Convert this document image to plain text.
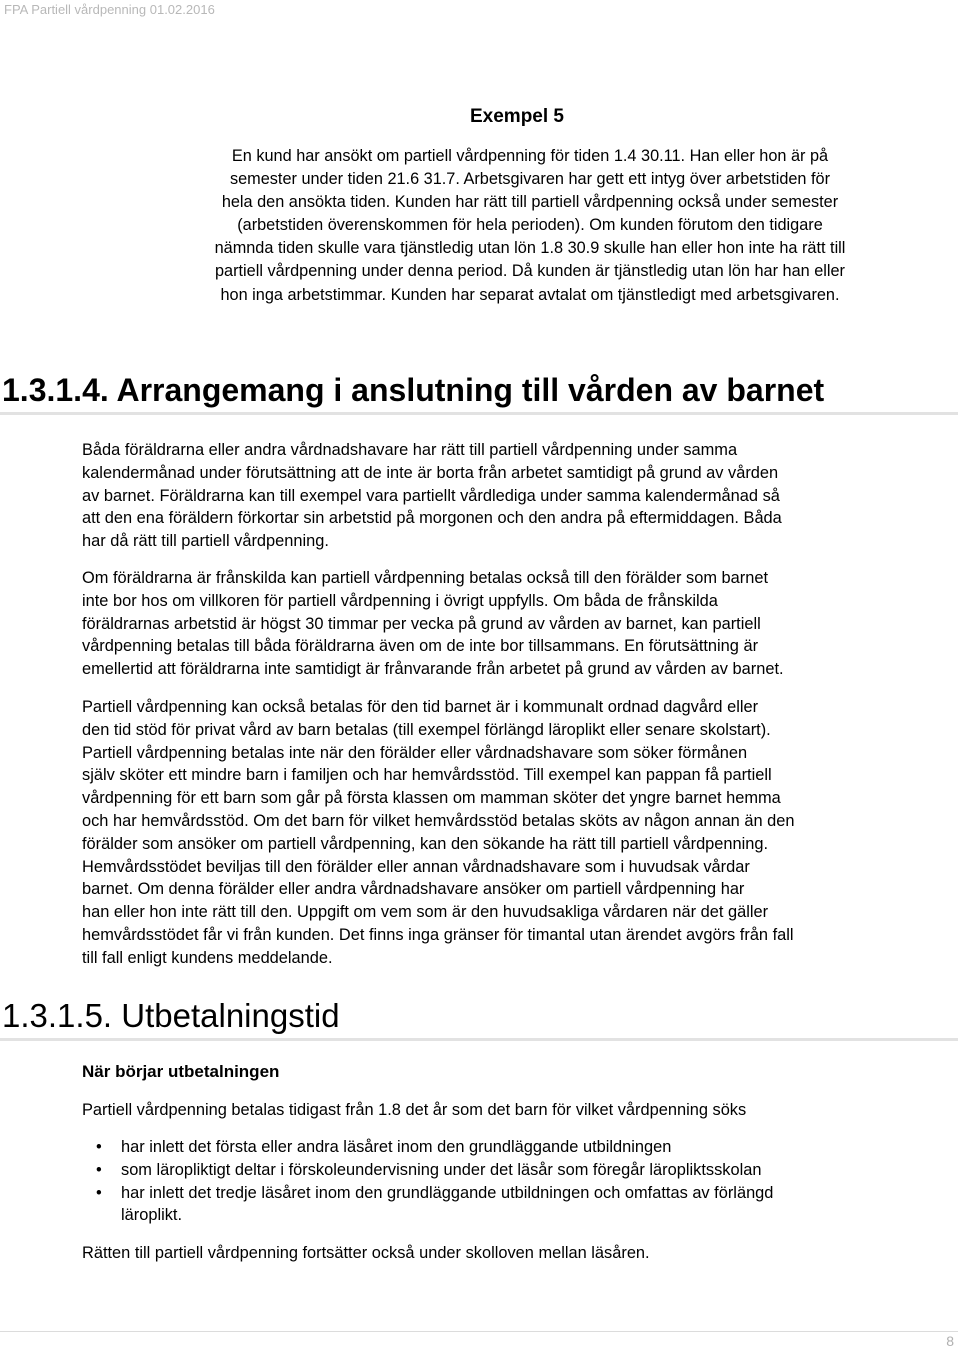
FPA Partiell vårdpenning 01.02.2016
Exempel 5
En kund har ansökt om partiell vårdpenning för tiden 1.4 30.11. Han eller hon är på
semester under tiden 21.6 31.7. Arbetsgivaren har gett ett intyg över arbetstiden för
hela den ansökta tiden. Kunden har rätt till partiell vårdpenning också under semester
(arbetstiden överenskommen för hela perioden). Om kunden förutom den tidigare
nämnda tiden skulle vara tjänstledig utan lön 1.8 30.9 skulle han eller hon inte ha rätt till
partiell vårdpenning under denna period. Då kunden är tjänstledig utan lön har han eller
hon inga arbetstimmar. Kunden har separat avtalat om tjänstledigt med arbetsgivaren.
1.3.1.4. Arrangemang i anslutning till vården av barnet
Båda föräldrarna eller andra vårdnadshavare har rätt till partiell vårdpenning under samma
kalendermånad under förutsättning att de inte är borta från arbetet samtidigt på grund av vården
av barnet. Föräldrarna kan till exempel vara partiellt vårdlediga under samma kalendermånad så
att den ena föräldern förkortar sin arbetstid på morgonen och den andra på eftermiddagen. Båda
har då rätt till partiell vårdpenning.
Om föräldrarna är frånskilda kan partiell vårdpenning betalas också till den förälder som barnet
inte bor hos om villkoren för partiell vårdpenning i övrigt uppfylls. Om båda de frånskilda
föräldrarnas arbetstid är högst 30 timmar per vecka på grund av vården av barnet, kan partiell
vårdpenning betalas till båda föräldrarna även om de inte bor tillsammans. En förutsättning är
emellertid att föräldrarna inte samtidigt är frånvarande från arbetet på grund av vården av barnet.
Partiell vårdpenning kan också betalas för den tid barnet är i kommunalt ordnad dagvård eller
den tid stöd för privat vård av barn betalas (till exempel förlängd läroplikt eller senare skolstart).
Partiell vårdpenning betalas inte när den förälder eller vårdnadshavare som söker förmånen
själv sköter ett mindre barn i familjen och har hemvårdsstöd. Till exempel kan pappan få partiell
vårdpenning för ett barn som går på första klassen om mamman sköter det yngre barnet hemma
och har hemvårdsstöd. Om det barn för vilket hemvårdsstöd betalas sköts av någon annan än den
förälder som ansöker om partiell vårdpenning, kan den sökande ha rätt till partiell vårdpenning.
Hemvårdsstödet beviljas till den förälder eller annan vårdnadshavare som i huvudsak vårdar
barnet. Om denna förälder eller andra vårdnadshavare ansöker om partiell vårdpenning har
han eller hon inte rätt till den. Uppgift om vem som är den huvudsakliga vårdaren när det gäller
hemvårdsstödet får vi från kunden. Det finns inga gränser för timantal utan ärendet avgörs från fall
till fall enligt kundens meddelande.
1.3.1.5. Utbetalningstid
När börjar utbetalningen
Partiell vårdpenning betalas tidigast från 1.8 det år som det barn för vilket vårdpenning söks
• har inlett det första eller andra läsåret inom den grundläggande utbildningen
• som läropliktigt deltar i förskoleundervisning under det läsår som föregår läropliktsskolan
• har inlett det tredje läsåret inom den grundläggande utbildningen och omfattas av förlängd
läroplikt.
Rätten till partiell vårdpenning fortsätter också under skolloven mellan läsåren.
8
